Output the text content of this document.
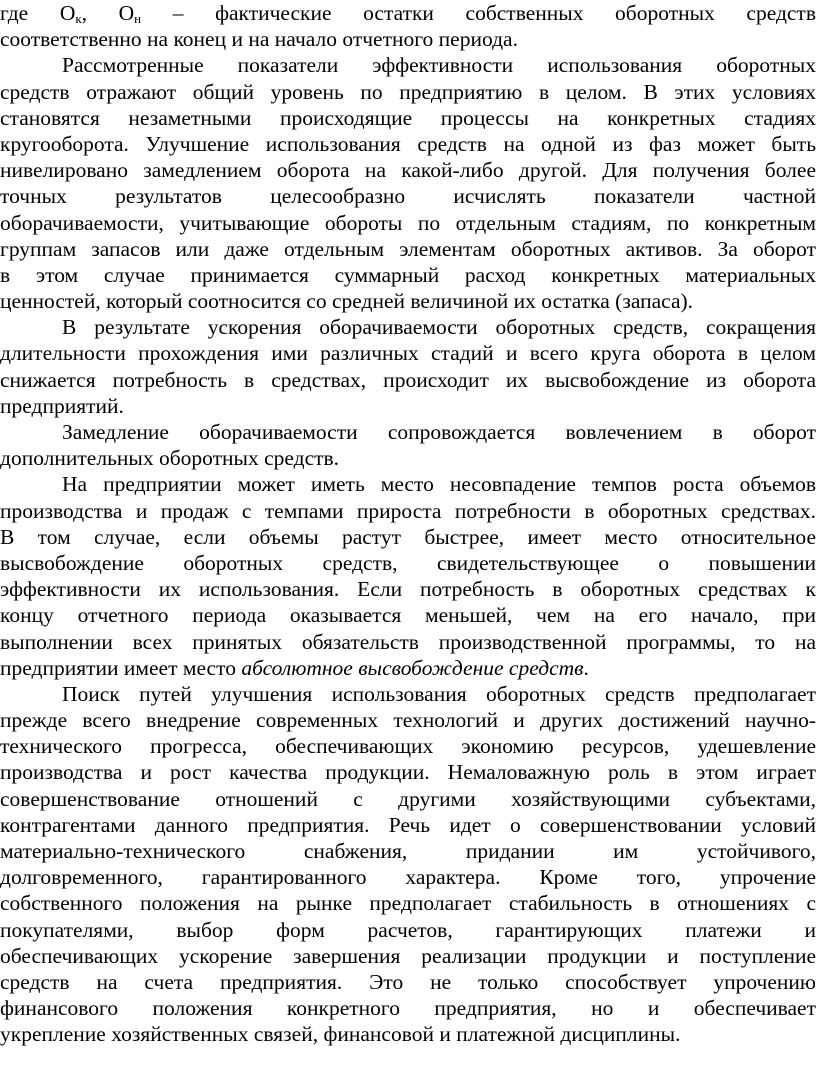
где $О_к$, $О_н$ – фактические остатки собственных оборотных средств
соответственно на конец и на начало отчетного периода.
Рассмотренные показатели эффективности использования оборотных
средств отражают общий уровень по предприятию в целом. В этих условиях
становятся незаметными происходящие процессы на конкретных стадиях
кругооборота. Улучшение использования средств на одной из фаз может быть
нивелировано замедлением оборота на какой-либо другой. Для получения более
точных результатов целесообразно исчислять показатели частной
оборачиваемости, учитывающие обороты по отдельным стадиям, по конкретным
группам запасов или даже отдельным элементам оборотных активов. За оборот
в этом случае принимается суммарный расход конкретных материальных
ценностей, который соотносится со средней величиной их остатка (запаса).
В результате ускорения оборачиваемости оборотных средств, сокращения
длительности прохождения ими различных стадий и всего круга оборота в целом
снижается потребность в средствах, происходит их высвобождение из оборота
предприятий.
Замедление оборачиваемости сопровождается вовлечением в оборот
дополнительных оборотных средств.
На предприятии может иметь место несовпадение темпов роста объемов
производства и продаж с темпами прироста потребности в оборотных средствах.
В том случае, если объемы растут быстрее, имеет место относительное
высвобождение оборотных средств, свидетельствующее о повышении
эффективности их использования. Если потребность в оборотных средствах к
концу отчетного периода оказывается меньшей, чем на его начало, при
выполнении всех принятых обязательств производственной программы, то на
предприятии имеет место абсолютное высвобождение средств.
Поиск путей улучшения использования оборотных средств предполагает
прежде всего внедрение современных технологий и других достижений научно-
технического прогресса, обеспечивающих экономию ресурсов, удешевление
производства и рост качества продукции. Немаловажную роль в этом играет
совершенствование отношений с другими хозяйствующими субъектами,
контрагентами данного предприятия. Речь идет о совершенствовании условий
материально-технического снабжения, придании им устойчивого,
долговременного, гарантированного характера. Кроме того, упрочение
собственного положения на рынке предполагает стабильность в отношениях с
покупателями, выбор форм расчетов, гарантирующих платежи и
обеспечивающих ускорение завершения реализации продукции и поступление
средств на счета предприятия. Это не только способствует упрочению
финансового положения конкретного предприятия, но и обеспечивает
укрепление хозяйственных связей, финансовой и платежной дисциплины.
